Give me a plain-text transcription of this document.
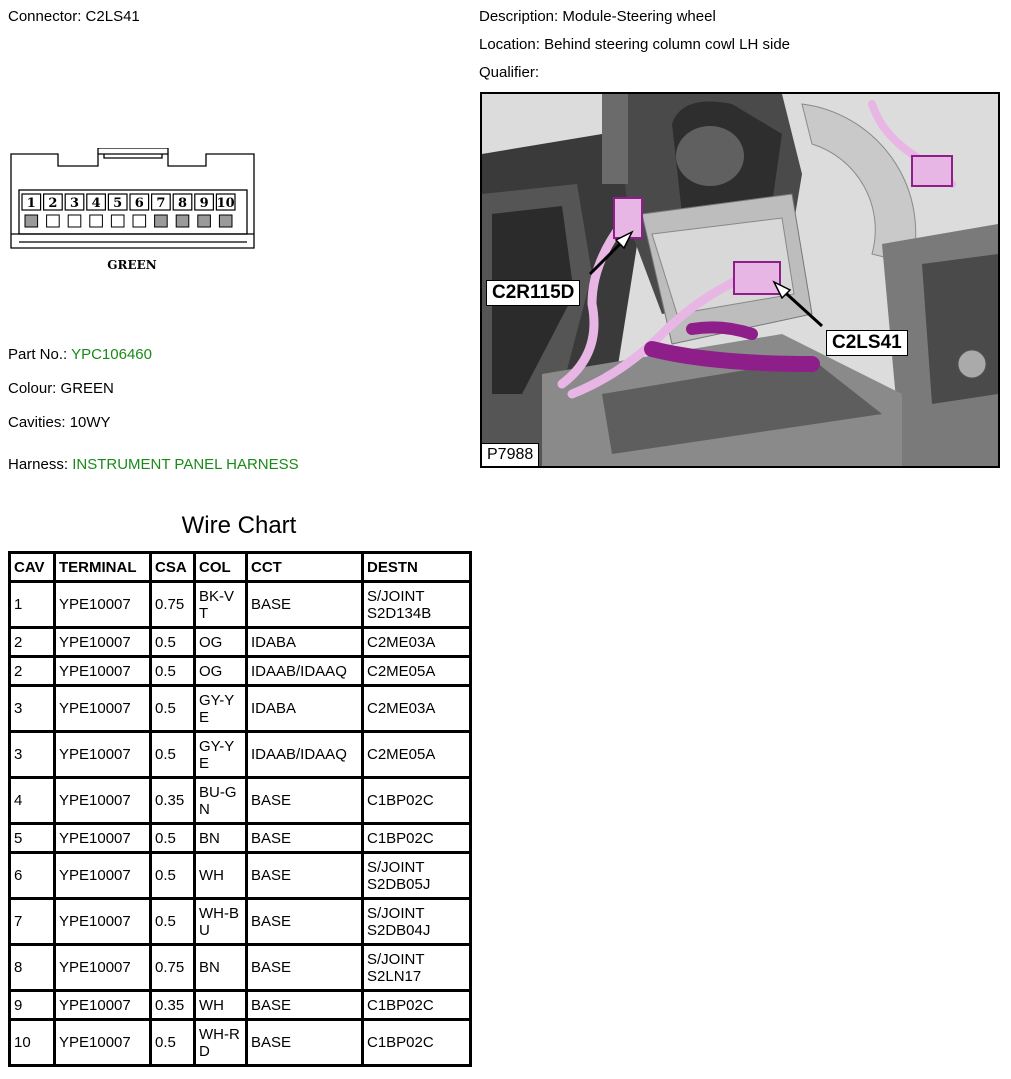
Connector: C2LS41	Description: Module-Steering wheel
Location: Behind steering column cowl LH side
Qualifier:
1 2 3 4 5 6 7 8 9 10
GREEN
Part No.: YPC106460
Colour: GREEN
Cavities: 10WY
Harness: INSTRUMENT PANEL HARNESS
C2R115D
C2LS41
P7988
Wire Chart
CAV	TERMINAL	CSA	COL	CCT	DESTN
1	YPE10007	0.75	BK-VT	BASE	S/JOINT S2D134B
2	YPE10007	0.5	OG	IDABA	C2ME03A
2	YPE10007	0.5	OG	IDAAB/IDAAQ	C2ME05A
3	YPE10007	0.5	GY-YE	IDABA	C2ME03A
3	YPE10007	0.5	GY-YE	IDAAB/IDAAQ	C2ME05A
4	YPE10007	0.35	BU-GN	BASE	C1BP02C
5	YPE10007	0.5	BN	BASE	C1BP02C
6	YPE10007	0.5	WH	BASE	S/JOINT S2DB05J
7	YPE10007	0.5	WH-BU	BASE	S/JOINT S2DB04J
8	YPE10007	0.75	BN	BASE	S/JOINT S2LN17
9	YPE10007	0.35	WH	BASE	C1BP02C
10	YPE10007	0.5	WH-RD	BASE	C1BP02C
